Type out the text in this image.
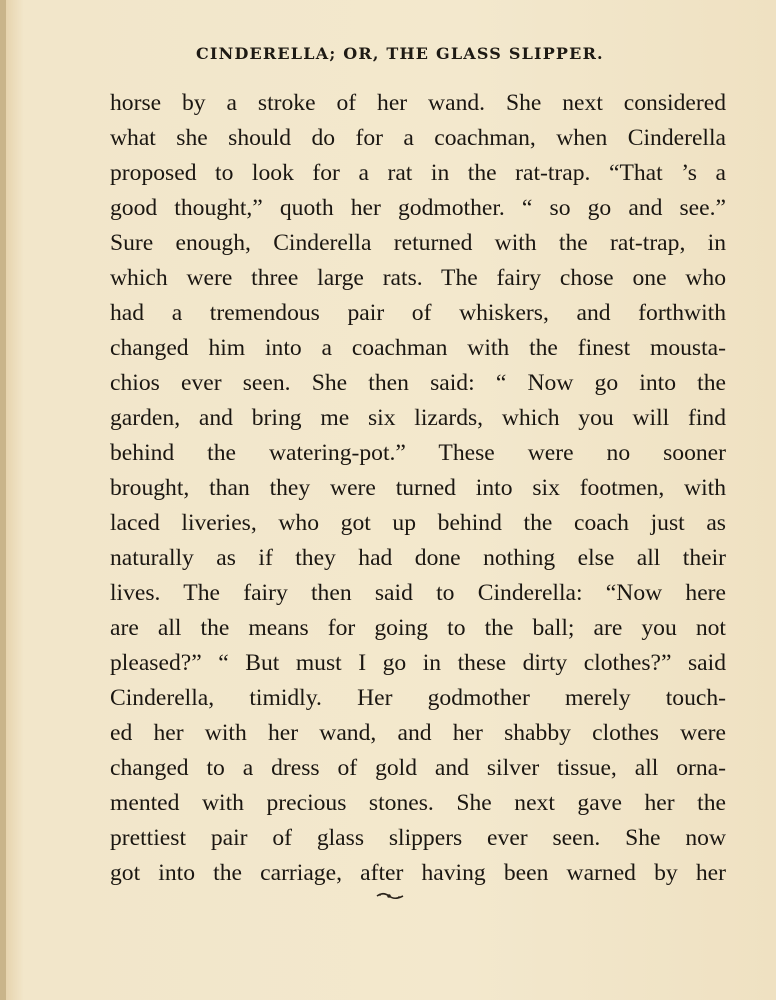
CINDERELLA; OR, THE GLASS SLIPPER.
horse by a stroke of her wand. She next considered
what she should do for a coachman, when Cinderella
proposed to look for a rat in the rat-trap. “That ’s a
good thought,” quoth her godmother. “ so go and see.”
Sure enough, Cinderella returned with the rat-trap, in
which were three large rats. The fairy chose one who
had a tremendous pair of whiskers, and forthwith
changed him into a coachman with the finest mousta-
chios ever seen. She then said: “ Now go into the
garden, and bring me six lizards, which you will find
behind the watering-pot.” These were no sooner
brought, than they were turned into six footmen, with
laced liveries, who got up behind the coach just as
naturally as if they had done nothing else all their
lives. The fairy then said to Cinderella: “Now here
are all the means for going to the ball; are you not
pleased?” “ But must I go in these dirty clothes?” said
Cinderella, timidly. Her godmother merely touch-
ed her with her wand, and her shabby clothes were
changed to a dress of gold and silver tissue, all orna-
mented with precious stones. She next gave her the
prettiest pair of glass slippers ever seen. She now
got into the carriage, after having been warned by her
